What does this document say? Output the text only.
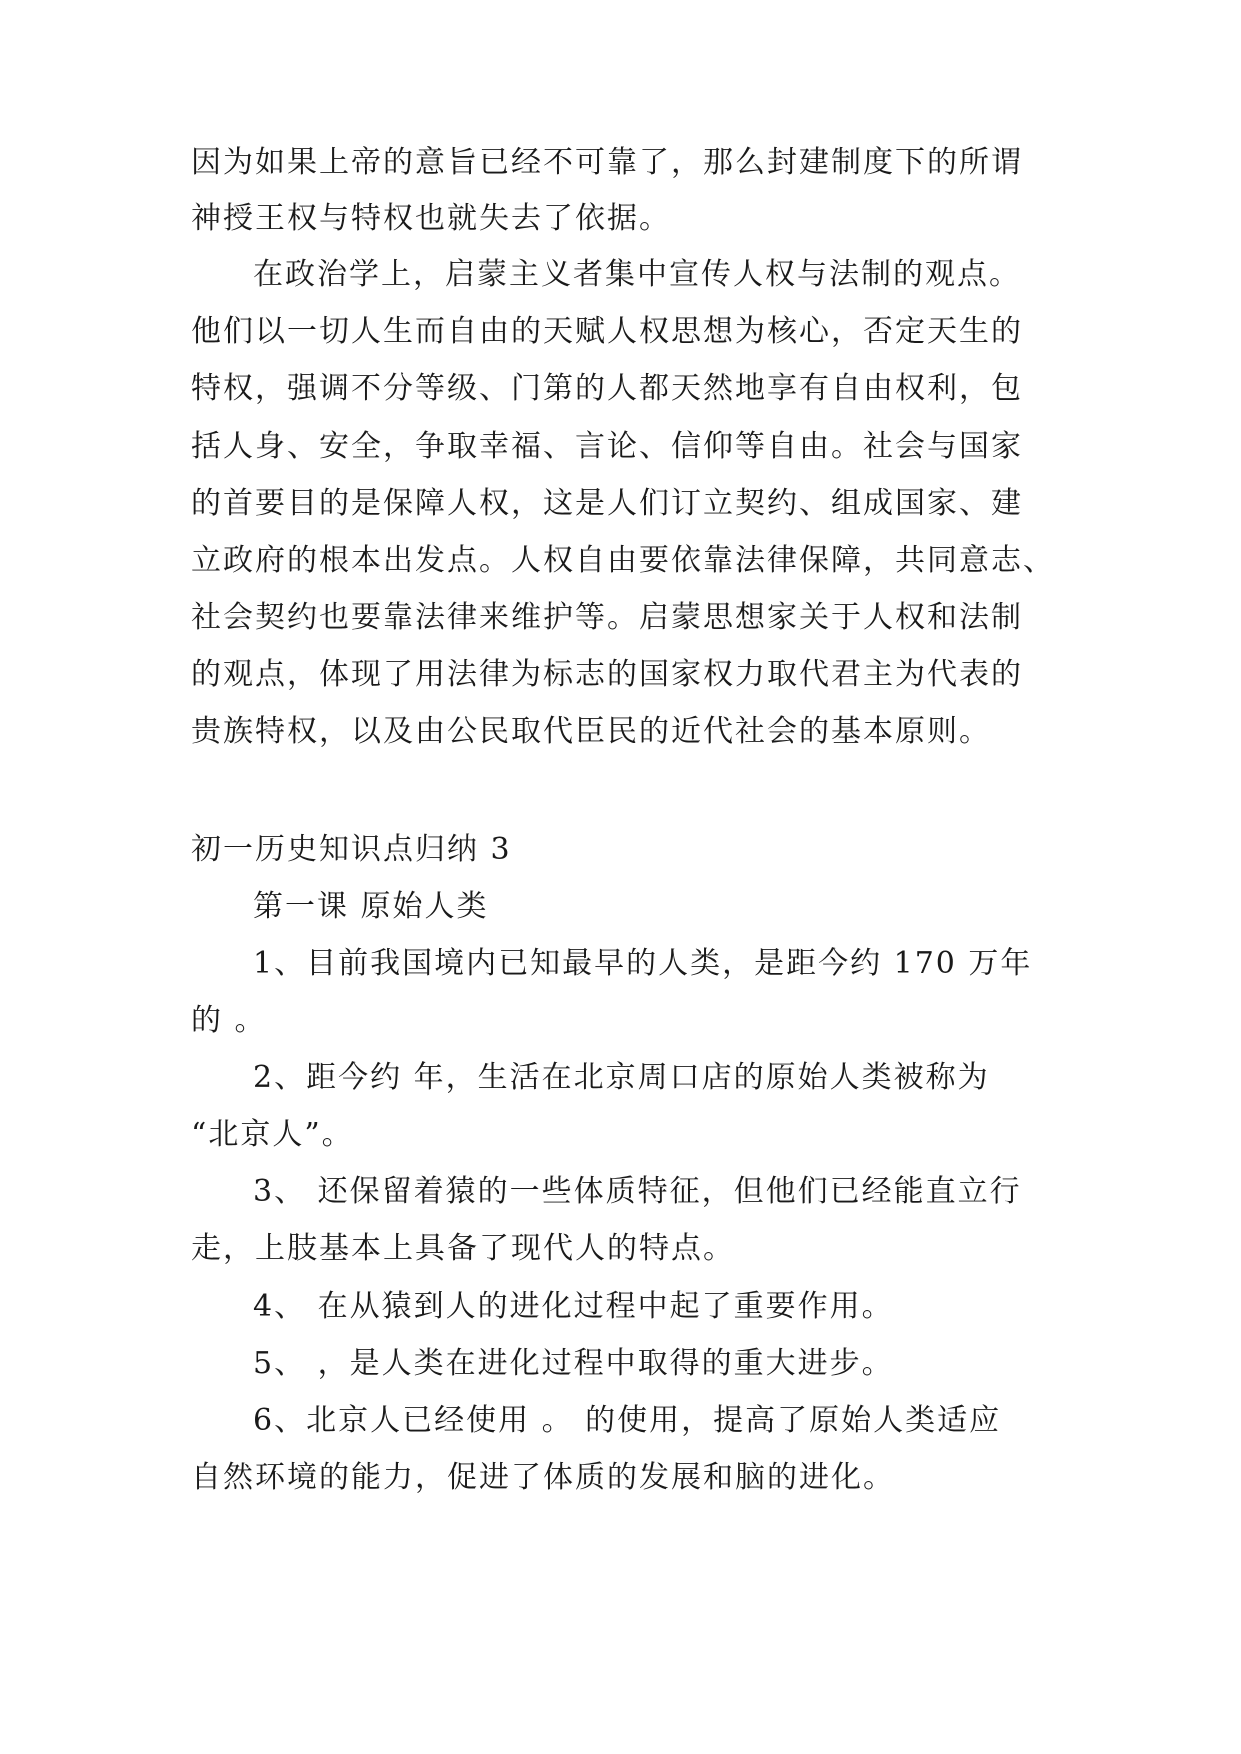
因为如果上帝的意旨已经不可靠了，那么封建制度下的所谓
神授王权与特权也就失去了依据。
在政治学上，启蒙主义者集中宣传人权与法制的观点。
他们以一切人生而自由的天赋人权思想为核心，否定天生的
特权，强调不分等级、门第的人都天然地享有自由权利，包
括人身、安全，争取幸福、言论、信仰等自由。社会与国家
的首要目的是保障人权，这是人们订立契约、组成国家、建
立政府的根本出发点。人权自由要依靠法律保障，共同意志、
社会契约也要靠法律来维护等。启蒙思想家关于人权和法制
的观点，体现了用法律为标志的国家权力取代君主为代表的
贵族特权，以及由公民取代臣民的近代社会的基本原则。
初一历史知识点归纳 3
第一课 原始人类
1、目前我国境内已知最早的人类，是距今约 170 万年
的 。
2、距今约 年，生活在北京周口店的原始人类被称为
“北京人”。
3、 还保留着猿的一些体质特征，但他们已经能直立行
走，上肢基本上具备了现代人的特点。
4、 在从猿到人的进化过程中起了重要作用。
5、 ，是人类在进化过程中取得的重大进步。
6、北京人已经使用 。 的使用，提高了原始人类适应
自然环境的能力，促进了体质的发展和脑的进化。
